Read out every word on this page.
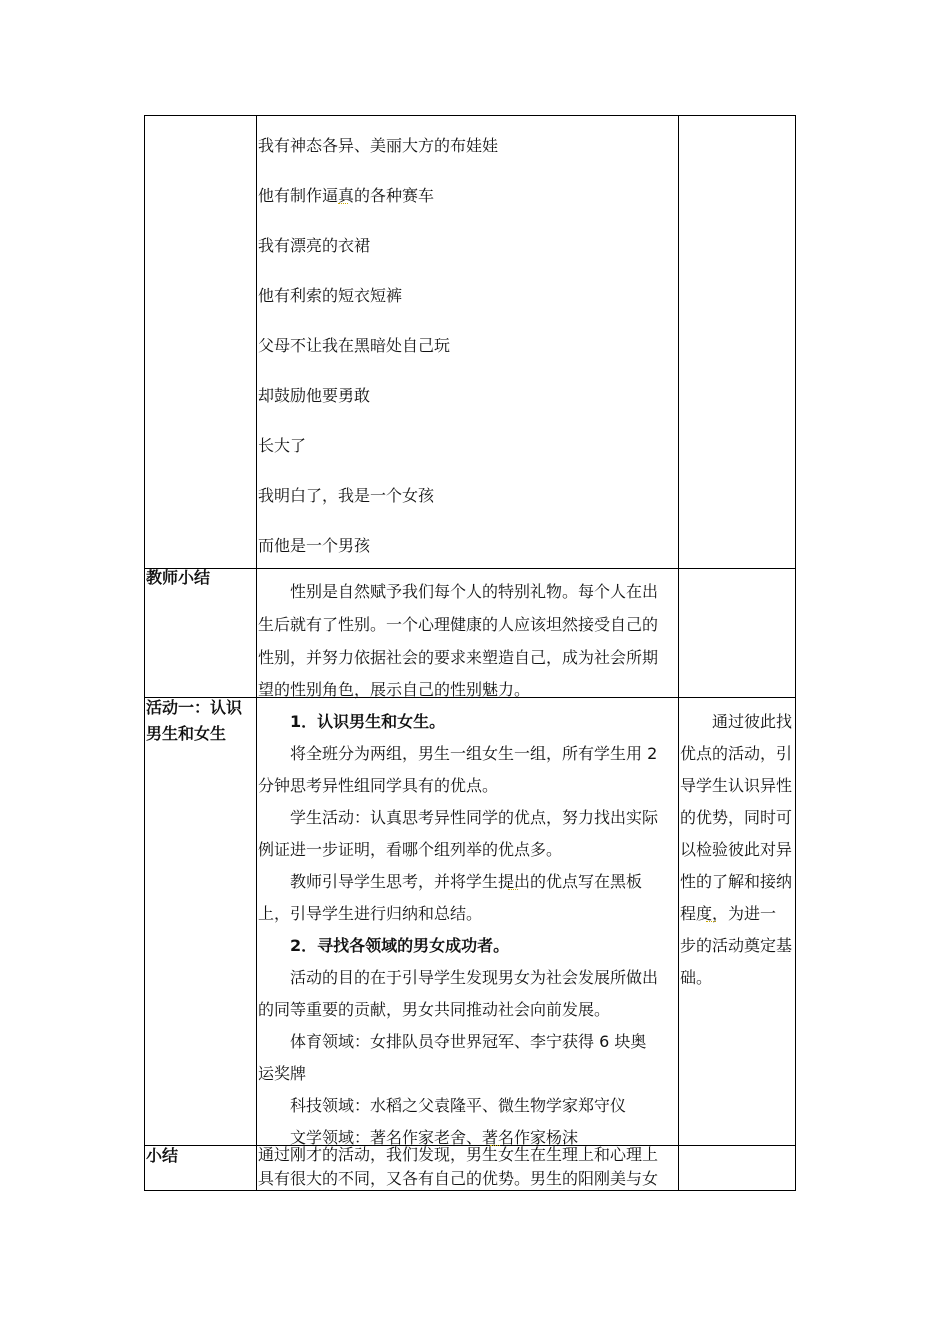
我有神态各异、美丽大方的布娃娃
他有制作逼真的各种赛车
我有漂亮的衣裙
他有利索的短衣短裤
父母不让我在黑暗处自己玩
却鼓励他要勇敢
长大了
我明白了，我是一个女孩
而他是一个男孩
教师小结
性别是自然赋予我们每个人的特别礼物。每个人在出
生后就有了性别。一个心理健康的人应该坦然接受自己的
性别，并努力依据社会的要求来塑造自己，成为社会所期
望的性别角色，展示自己的性别魅力。
活动一：认识
男生和女生
1．认识男生和女生。
将全班分为两组，男生一组女生一组，所有学生用 2
分钟思考异性组同学具有的优点。
学生活动：认真思考异性同学的优点，努力找出实际
例证进一步证明，看哪个组列举的优点多。
教师引导学生思考，并将学生提出的优点写在黑板
上，引导学生进行归纳和总结。
2．寻找各领域的男女成功者。
活动的目的在于引导学生发现男女为社会发展所做出
的同等重要的贡献，男女共同推动社会向前发展。
体育领域：女排队员夺世界冠军、李宁获得 6 块奥
运奖牌
科技领域：水稻之父袁隆平、微生物学家郑守仪
文学领域：著名作家老舍、著名作家杨沫
通过彼此找
优点的活动，引
导学生认识异性
的优势，同时可
以检验彼此对异
性的了解和接纳
程度，为进一
步的活动奠定基
础。
小结	通过刚才的活动，我们发现，男生女生在生理上和心理上
具有很大的不同，又各有自己的优势。男生的阳刚美与女
